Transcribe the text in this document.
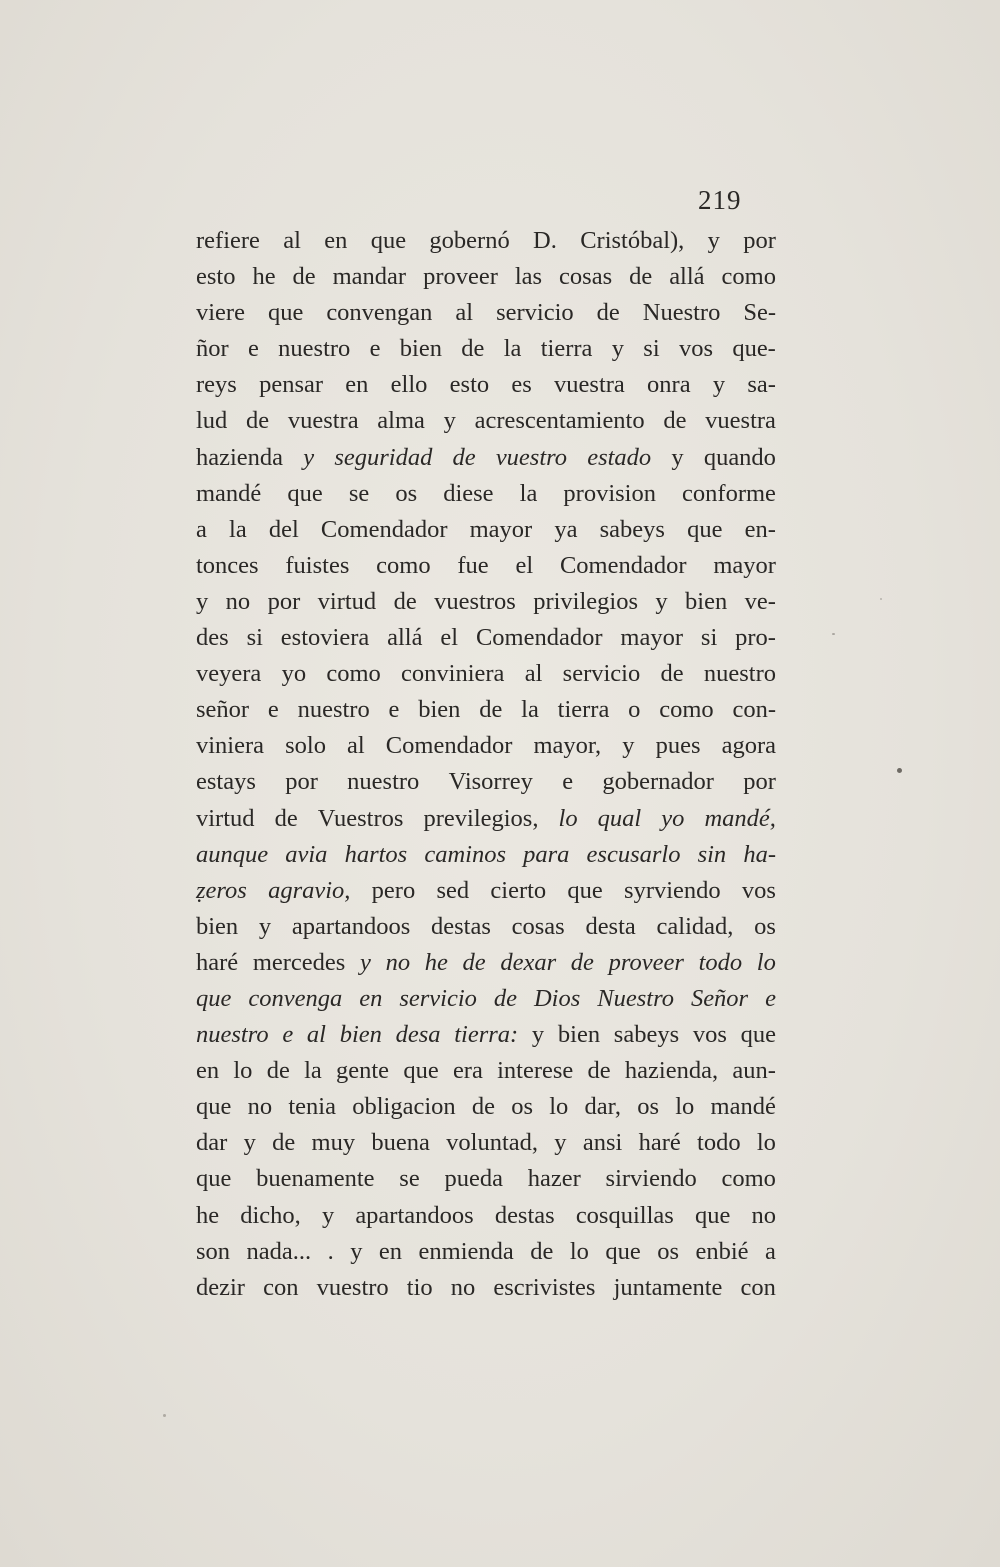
219
refiere al en que gobernó D. Cristóbal), y por
esto he de mandar proveer las cosas de allá como
viere que convengan al servicio de Nuestro Se-
ñor e nuestro e bien de la tierra y si vos que-
reys pensar en ello esto es vuestra onra y sa-
lud de vuestra alma y acrescentamiento de vuestra
hazienda y seguridad de vuestro estado y quando
mandé que se os diese la provision conforme
a la del Comendador mayor ya sabeys que en-
tonces fuistes como fue el Comendador mayor
y no por virtud de vuestros privilegios y bien ve-
des si estoviera allá el Comendador mayor si pro-
veyera yo como conviniera al servicio de nuestro
señor e nuestro e bien de la tierra o como con-
viniera solo al Comendador mayor, y pues agora
estays por nuestro Visorrey e gobernador por
virtud de Vuestros previlegios, lo qual yo mandé,
aunque avia hartos caminos para escusarlo sin ha-
ẓeros agravio, pero sed cierto que syrviendo vos
bien y apartandoos destas cosas desta calidad, os
haré mercedes y no he de dexar de proveer todo lo
que convenga en servicio de Dios Nuestro Señor e
nuestro e al bien desa tierra: y bien sabeys vos que
en lo de la gente que era interese de hazienda, aun-
que no tenia obligacion de os lo dar, os lo mandé
dar y de muy buena voluntad, y ansi haré todo lo
que buenamente se pueda hazer sirviendo como
he dicho, y apartandoos destas cosquillas que no
son nada... . y en enmienda de lo que os enbié a
dezir con vuestro tio no escrivistes juntamente con
